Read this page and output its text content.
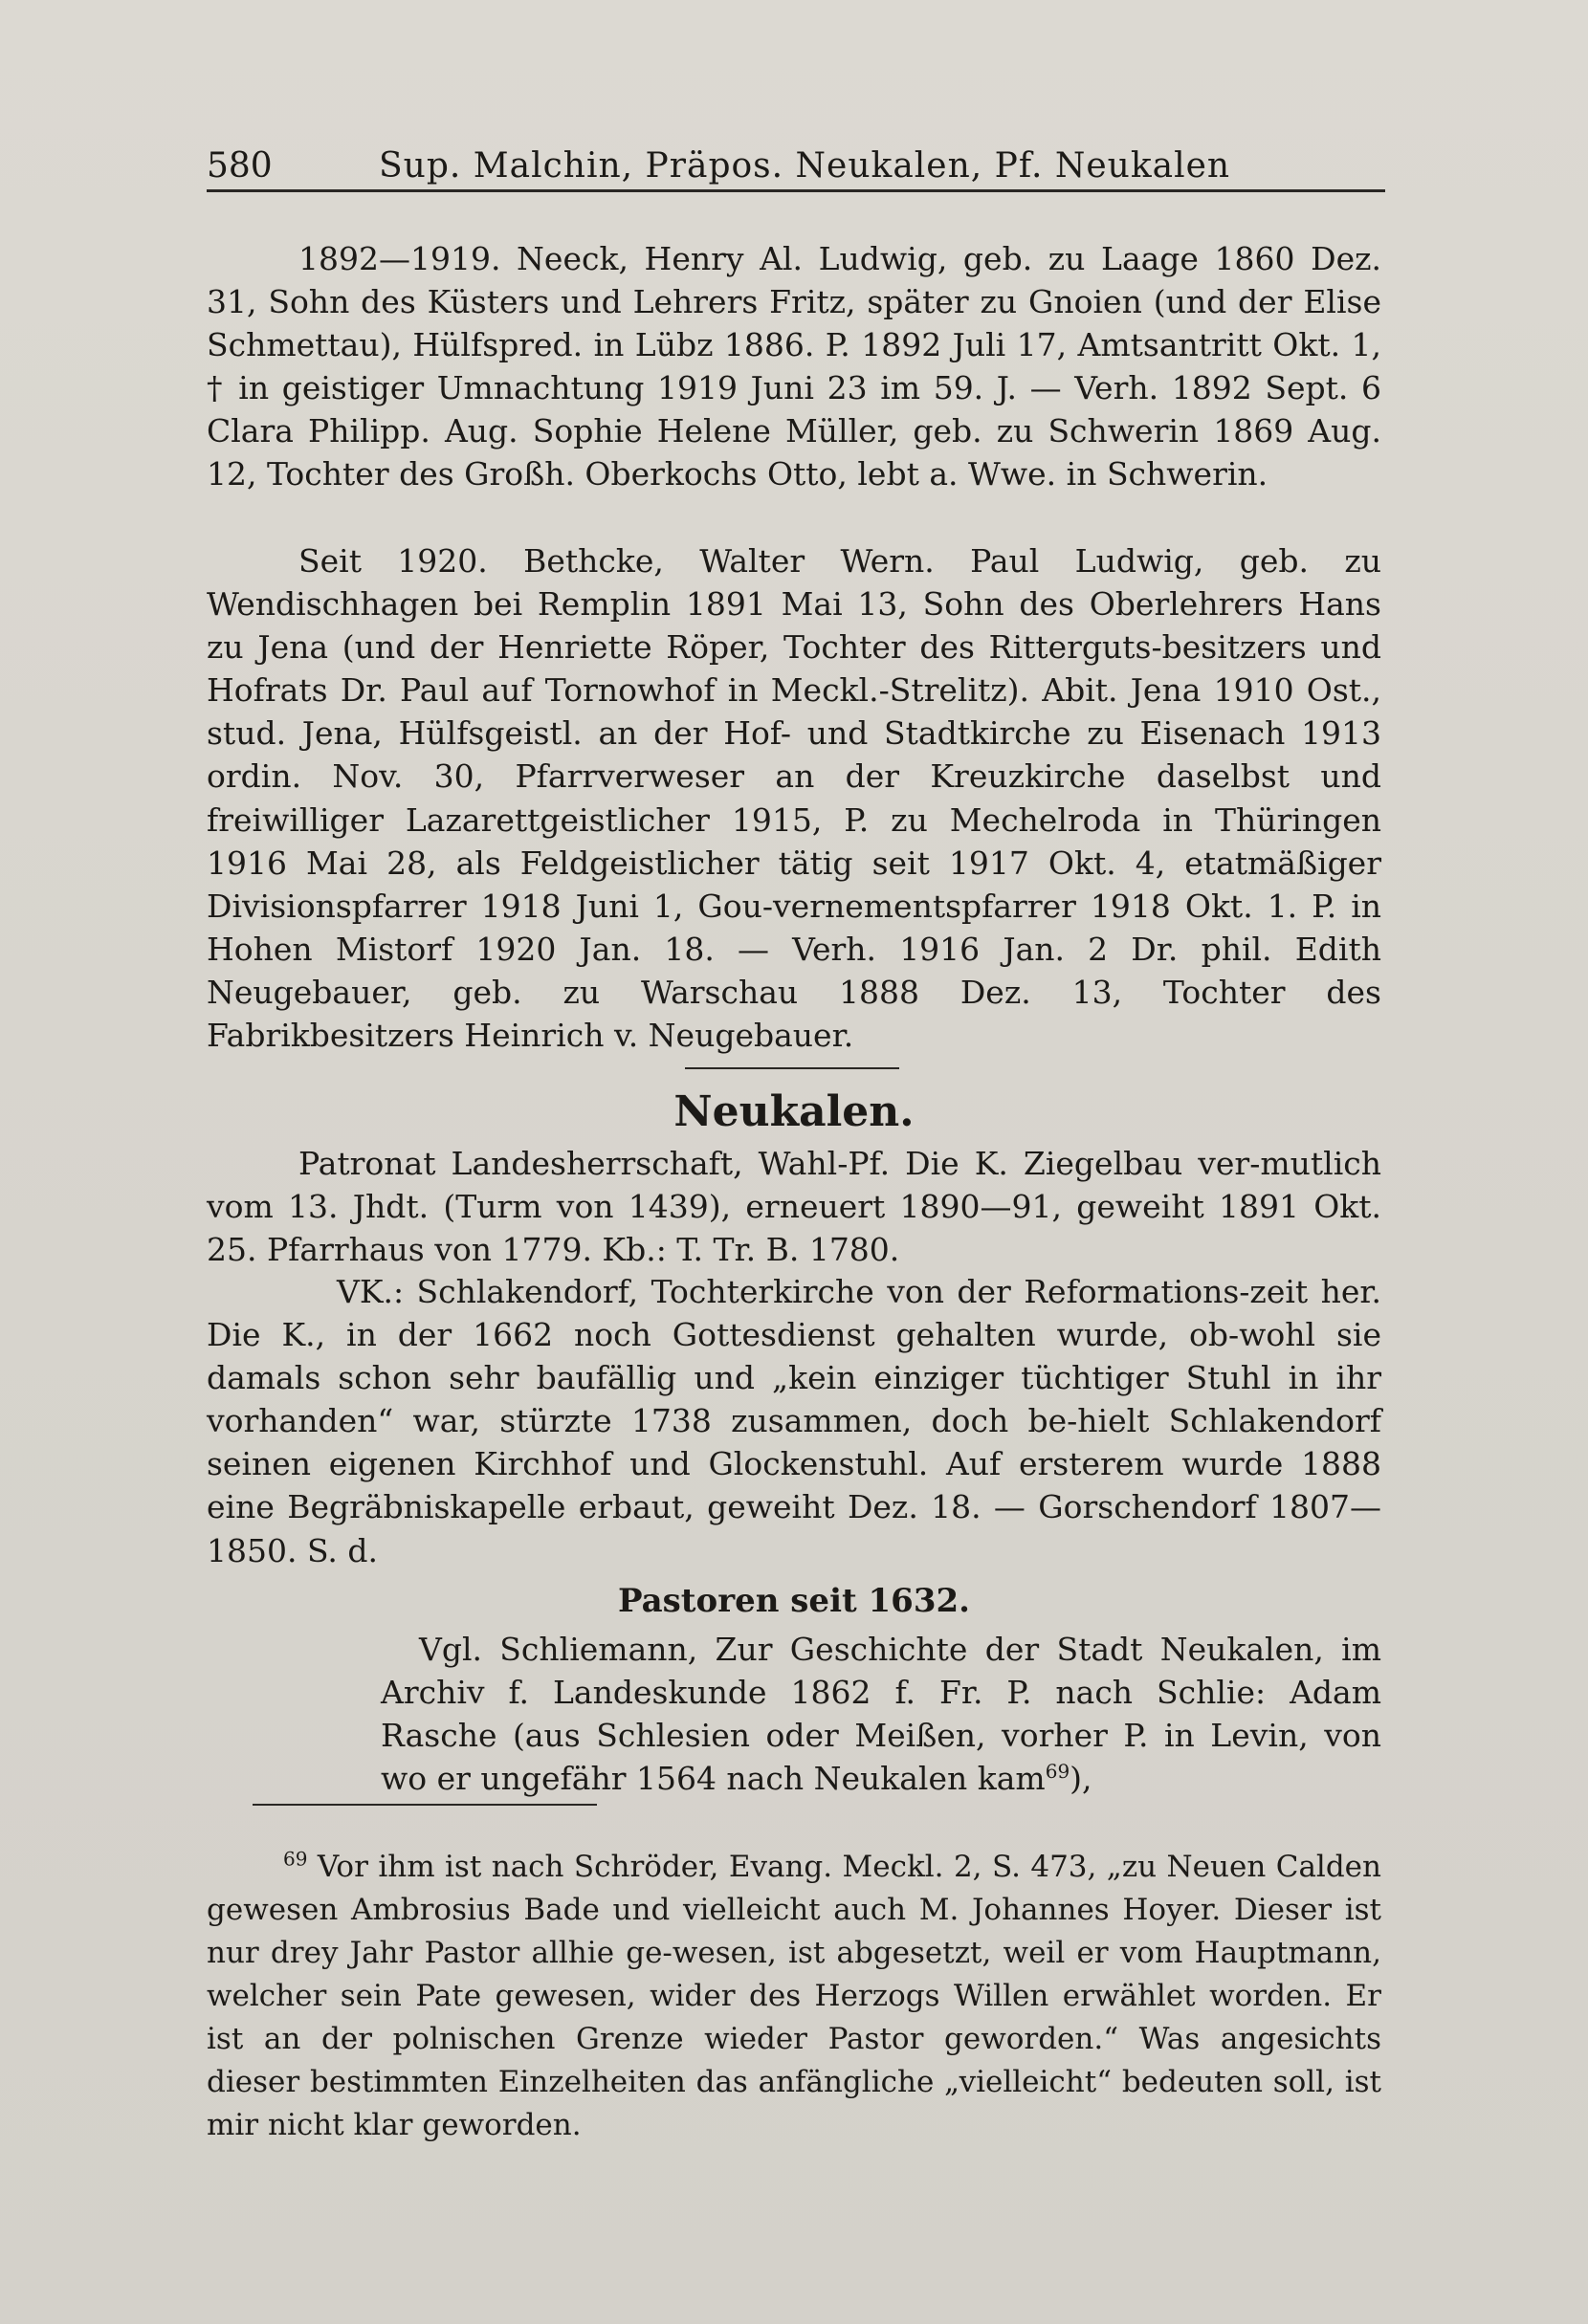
580	Sup. Malchin, Präpos. Neukalen, Pf. Neukalen

1892—1919. Neeck, Henry Al. Ludwig, geb. zu Laage 1860 Dez. 31, Sohn des Küsters und Lehrers Fritz, später zu Gnoien (und der Elise Schmettau), Hülfspred. in Lübz 1886. P. 1892 Juli 17, Amtsantritt Okt. 1, † in geistiger Umnachtung 1919 Juni 23 im 59. J. — Verh. 1892 Sept. 6 Clara Philipp. Aug. Sophie Helene Müller, geb. zu Schwerin 1869 Aug. 12, Tochter des Großh. Oberkochs Otto, lebt a. Wwe. in Schwerin.

Seit 1920. Bethcke, Walter Wern. Paul Ludwig, geb. zu Wendischhagen bei Remplin 1891 Mai 13, Sohn des Oberlehrers Hans zu Jena (und der Henriette Röper, Tochter des Ritterguts-besitzers und Hofrats Dr. Paul auf Tornowhof in Meckl.-Strelitz). Abit. Jena 1910 Ost., stud. Jena, Hülfsgeistl. an der Hof- und Stadtkirche zu Eisenach 1913 ordin. Nov. 30, Pfarrverweser an der Kreuzkirche daselbst und freiwilliger Lazarettgeistlicher 1915, P. zu Mechelroda in Thüringen 1916 Mai 28, als Feldgeistlicher tätig seit 1917 Okt. 4, etatmäßiger Divisionspfarrer 1918 Juni 1, Gou-vernementspfarrer 1918 Okt. 1. P. in Hohen Mistorf 1920 Jan. 18. — Verh. 1916 Jan. 2 Dr. phil. Edith Neugebauer, geb. zu Warschau 1888 Dez. 13, Tochter des Fabrikbesitzers Heinrich v. Neugebauer.

Neukalen.

Patronat Landesherrschaft, Wahl-Pf. Die K. Ziegelbau ver-mutlich vom 13. Jhdt. (Turm von 1439), erneuert 1890—91, geweiht 1891 Okt. 25. Pfarrhaus von 1779. Kb.: T. Tr. B. 1780.

VK.: Schlakendorf, Tochterkirche von der Reformations-zeit her. Die K., in der 1662 noch Gottesdienst gehalten wurde, ob-wohl sie damals schon sehr baufällig und „kein einziger tüchtiger Stuhl in ihr vorhanden“ war, stürzte 1738 zusammen, doch be-hielt Schlakendorf seinen eigenen Kirchhof und Glockenstuhl. Auf ersterem wurde 1888 eine Begräbniskapelle erbaut, geweiht Dez. 18. — Gorschendorf 1807—1850. S. d.

Pastoren seit 1632.

Vgl. Schliemann, Zur Geschichte der Stadt Neukalen, im Archiv f. Landeskunde 1862 f. Fr. P. nach Schlie: Adam Rasche (aus Schlesien oder Meißen, vorher P. in Levin, von wo er ungefähr 1564 nach Neukalen kam$^{69}$),

$^{69}$ Vor ihm ist nach Schröder, Evang. Meckl. 2, S. 473, „zu Neuen Calden gewesen Ambrosius Bade und vielleicht auch M. Johannes Hoyer. Dieser ist nur drey Jahr Pastor allhie ge-wesen, ist abgesetzt, weil er vom Hauptmann, welcher sein Pate gewesen, wider des Herzogs Willen erwählet worden. Er ist an der polnischen Grenze wieder Pastor geworden.“ Was angesichts dieser bestimmten Einzelheiten das anfängliche „vielleicht“ bedeuten soll, ist mir nicht klar geworden.
